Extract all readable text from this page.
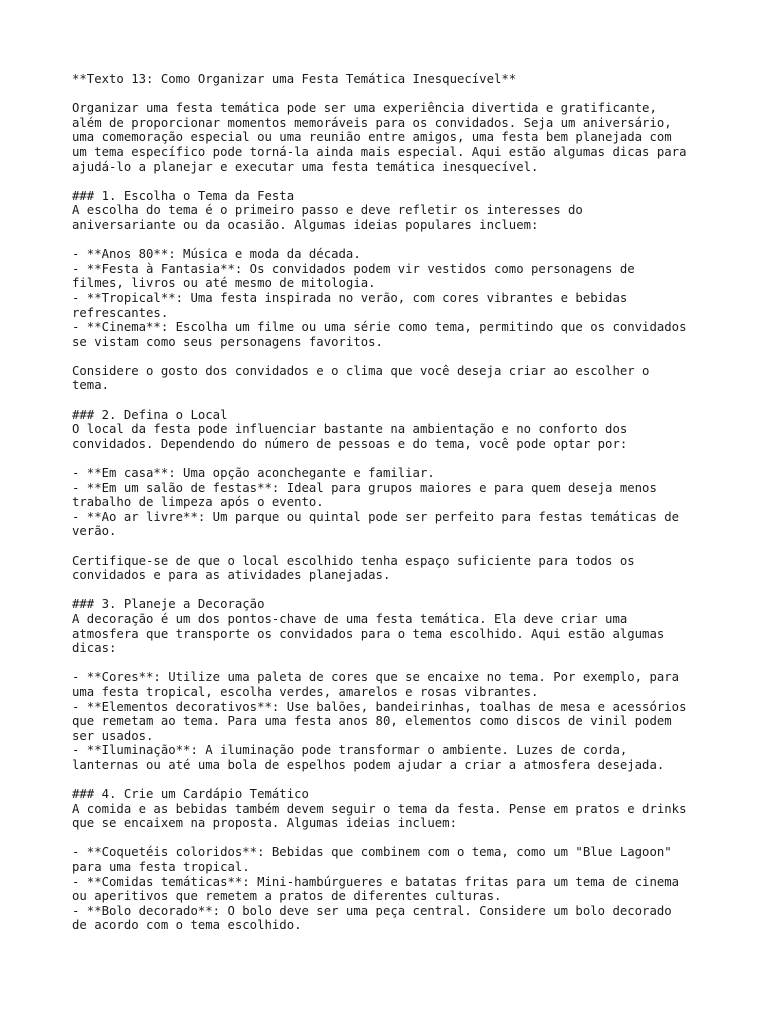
**Texto 13: Como Organizar uma Festa Temática Inesquecível**

Organizar uma festa temática pode ser uma experiência divertida e gratificante,

além de proporcionar momentos memoráveis para os convidados. Seja um aniversário,

uma comemoração especial ou uma reunião entre amigos, uma festa bem planejada com

um tema específico pode torná-la ainda mais especial. Aqui estão algumas dicas para

ajudá-lo a planejar e executar uma festa temática inesquecível.

### 1. Escolha o Tema da Festa

A escolha do tema é o primeiro passo e deve refletir os interesses do

aniversariante ou da ocasião. Algumas ideias populares incluem:

- **Anos 80**: Música e moda da década.

- **Festa à Fantasia**: Os convidados podem vir vestidos como personagens de

filmes, livros ou até mesmo de mitologia.

- **Tropical**: Uma festa inspirada no verão, com cores vibrantes e bebidas

refrescantes.

- **Cinema**: Escolha um filme ou uma série como tema, permitindo que os convidados

se vistam como seus personagens favoritos.

Considere o gosto dos convidados e o clima que você deseja criar ao escolher o

tema.

### 2. Defina o Local

O local da festa pode influenciar bastante na ambientação e no conforto dos

convidados. Dependendo do número de pessoas e do tema, você pode optar por:

- **Em casa**: Uma opção aconchegante e familiar.

- **Em um salão de festas**: Ideal para grupos maiores e para quem deseja menos

trabalho de limpeza após o evento.

- **Ao ar livre**: Um parque ou quintal pode ser perfeito para festas temáticas de

verão.

Certifique-se de que o local escolhido tenha espaço suficiente para todos os

convidados e para as atividades planejadas.

### 3. Planeje a Decoração

A decoração é um dos pontos-chave de uma festa temática. Ela deve criar uma

atmosfera que transporte os convidados para o tema escolhido. Aqui estão algumas

dicas:

- **Cores**: Utilize uma paleta de cores que se encaixe no tema. Por exemplo, para

uma festa tropical, escolha verdes, amarelos e rosas vibrantes.

- **Elementos decorativos**: Use balões, bandeirinhas, toalhas de mesa e acessórios

que remetam ao tema. Para uma festa anos 80, elementos como discos de vinil podem

ser usados.

- **Iluminação**: A iluminação pode transformar o ambiente. Luzes de corda,

lanternas ou até uma bola de espelhos podem ajudar a criar a atmosfera desejada.

### 4. Crie um Cardápio Temático

A comida e as bebidas também devem seguir o tema da festa. Pense em pratos e drinks

que se encaixem na proposta. Algumas ideias incluem:

- **Coquetéis coloridos**: Bebidas que combinem com o tema, como um "Blue Lagoon"

para uma festa tropical.

- **Comidas temáticas**: Mini-hambúrgueres e batatas fritas para um tema de cinema

ou aperitivos que remetem a pratos de diferentes culturas.

- **Bolo decorado**: O bolo deve ser uma peça central. Considere um bolo decorado

de acordo com o tema escolhido.
